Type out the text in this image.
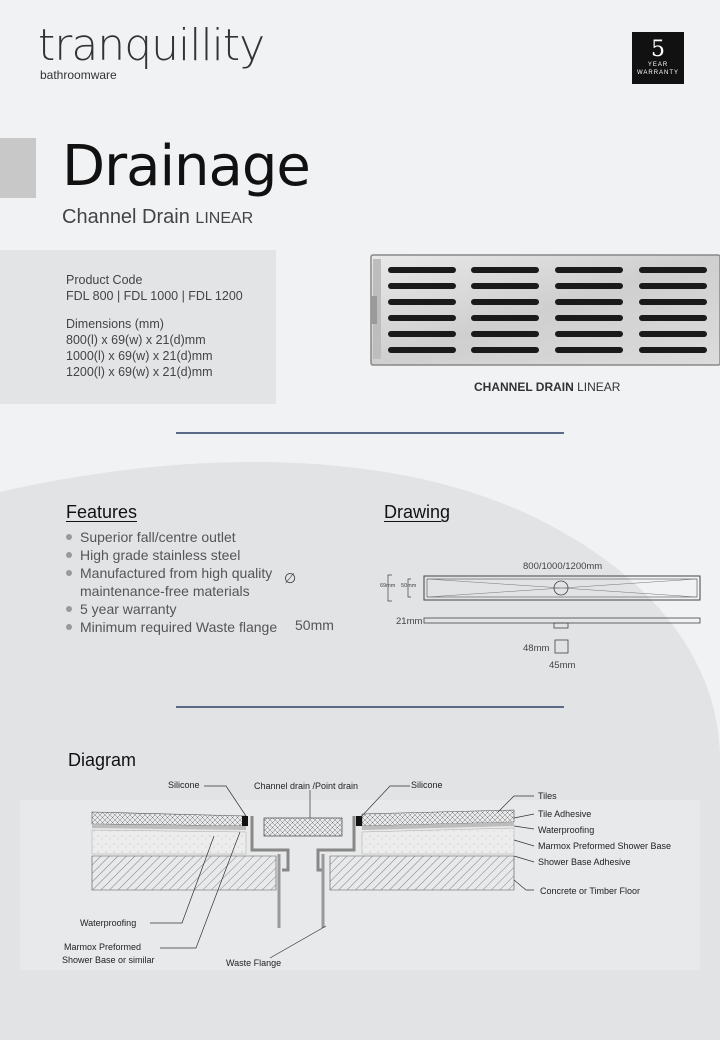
tranquillity
bathroomware
5
YEAR
WARRANTY
Drainage
Channel Drain LINEAR
Product Code
FDL 800 | FDL 1000 | FDL 1200
Dimensions (mm)
800(l) x 69(w) x 21(d)mm
1000(l) x 69(w) x 21(d)mm
1200(l) x 69(w) x 21(d)mm
CHANNEL DRAIN LINEAR
Features

Superior fall/centre outlet

High grade stainless steel

Manufactured from high quality

maintenance-free materials

5 year warranty

Minimum required Waste flange

∅
50mm
Drawing
800/1000/1200mm
69mm 50mm
21mm
48mm
45mm
Diagram
Silicone	Channel drain /Point drain	Silicone
Tiles
Tile Adhesive
Waterproofing
Marmox Preformed Shower Base
Shower Base Adhesive
Concrete or Timber Floor
Waterproofing
Marmox Preformed
Shower Base or similar	Waste Flange
